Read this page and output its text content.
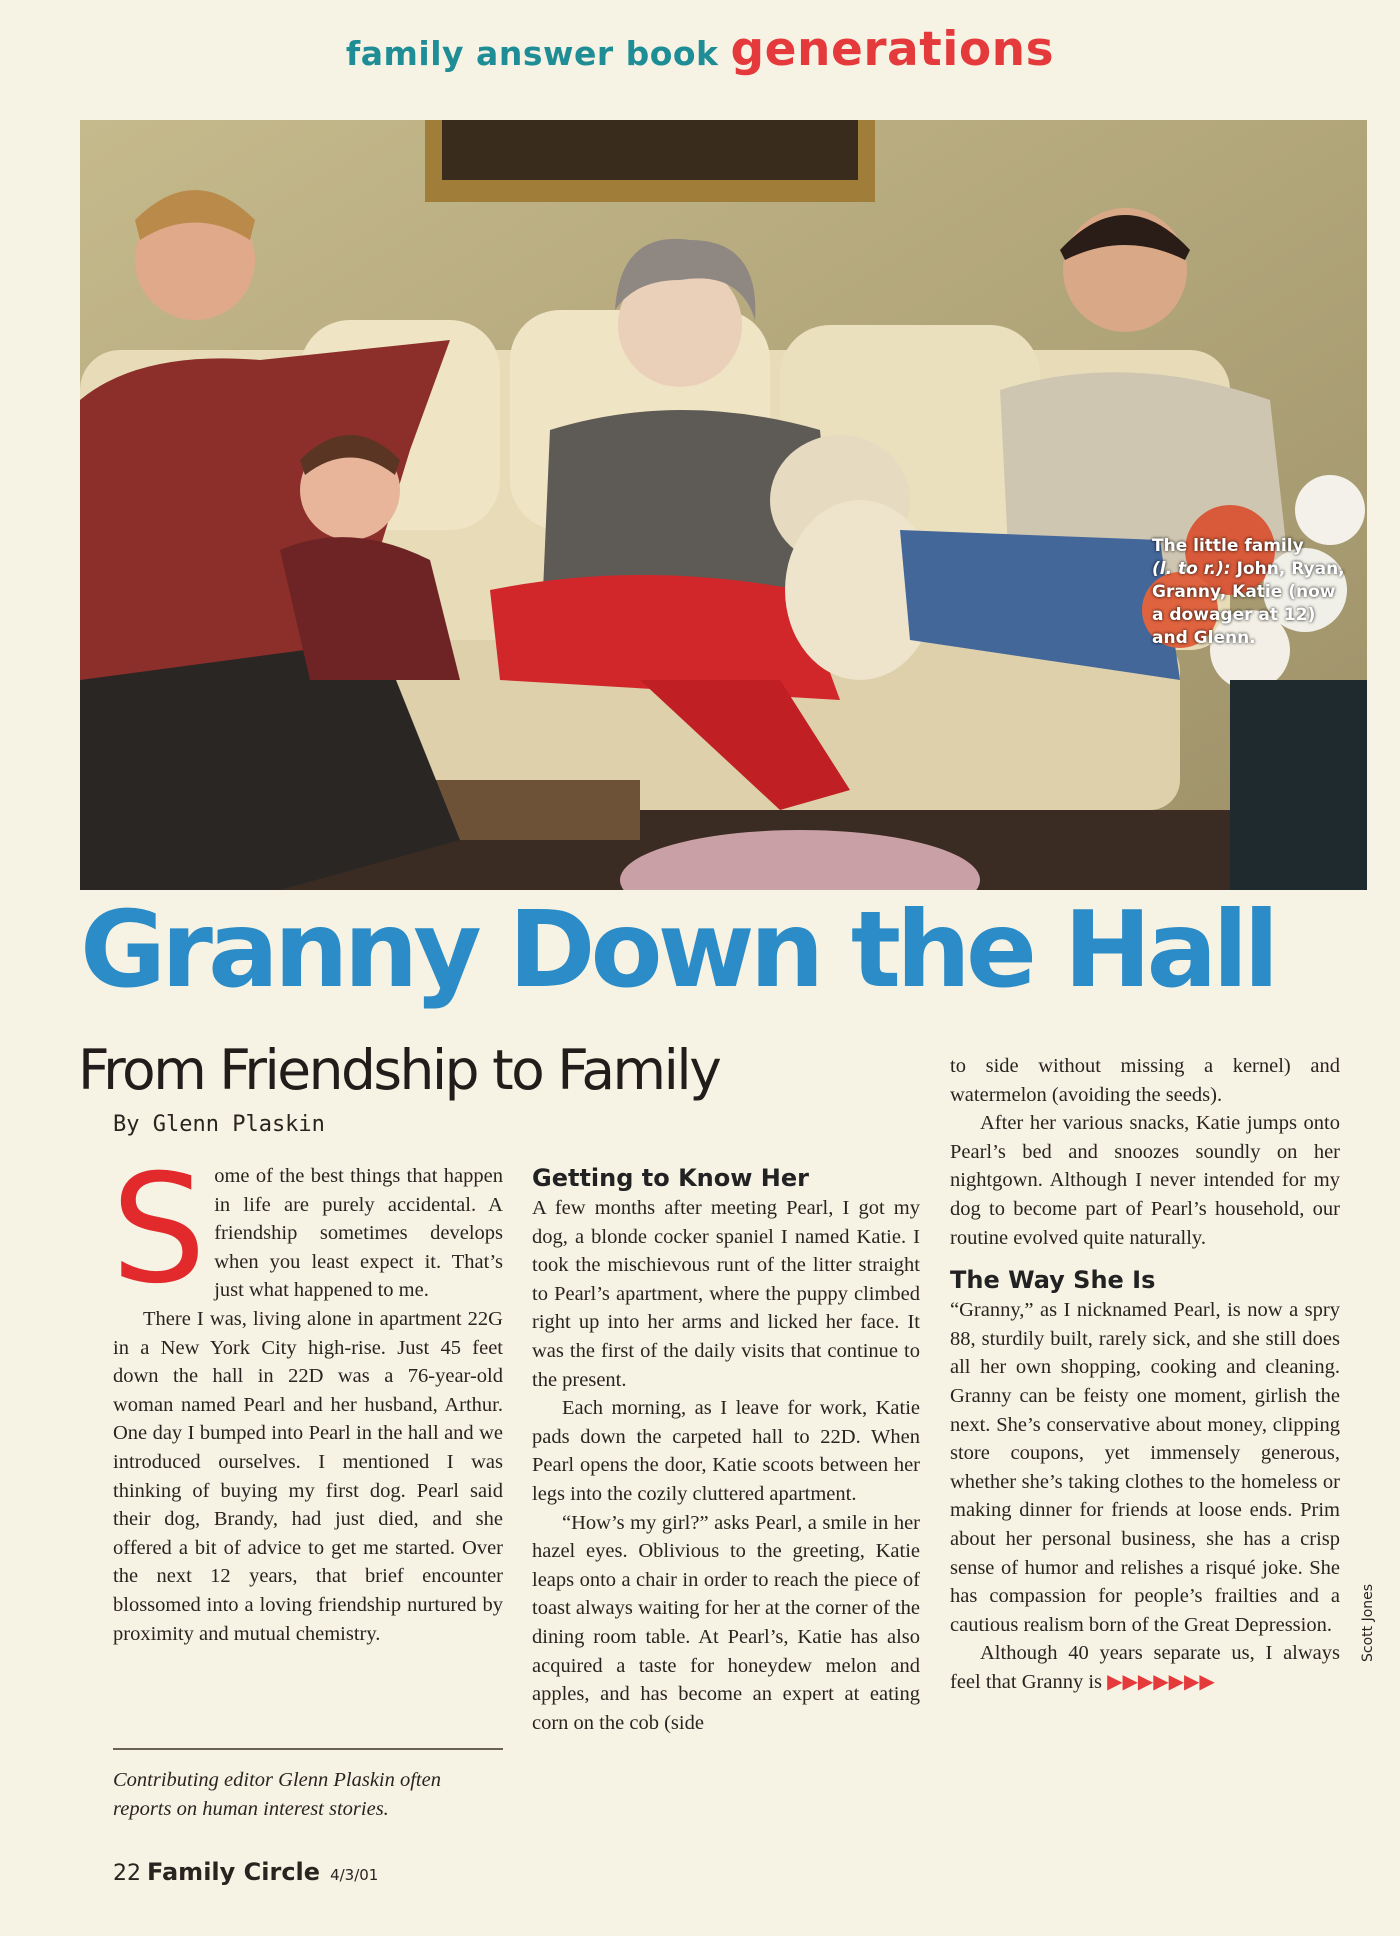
family answer book generations
The little family
(l. to r.): John, Ryan, Granny, Katie (now a dowager at 12) and Glenn.
Granny Down the Hall
From Friendship to Family
By Glenn Plaskin

Some of the best things that happen in life are purely accidental. A friendship sometimes develops when you least expect it. That’s just what happened to me.

There I was, living alone in apartment 22G in a New York City high-rise. Just 45 feet down the hall in 22D was a 76-year-old woman named Pearl and her husband, Arthur. One day I bumped into Pearl in the hall and we introduced ourselves. I mentioned I was thinking of buying my first dog. Pearl said their dog, Brandy, had just died, and she offered a bit of advice to get me started. Over the next 12 years, that brief encounter blossomed into a loving friendship nurtured by proximity and mutual chemistry.

Contributing editor Glenn Plaskin often reports on human interest stories.
Getting to Know Her

A few months after meeting Pearl, I got my dog, a blonde cocker spaniel I named Katie. I took the mischievous runt of the litter straight to Pearl’s apartment, where the puppy climbed right up into her arms and licked her face. It was the first of the daily visits that continue to the present.

Each morning, as I leave for work, Katie pads down the carpeted hall to 22D. When Pearl opens the door, Katie scoots between her legs into the cozily cluttered apartment.

“How’s my girl?” asks Pearl, a smile in her hazel eyes. Oblivious to the greeting, Katie leaps onto a chair in order to reach the piece of toast always waiting for her at the corner of the dining room table. At Pearl’s, Katie has also acquired a taste for honeydew melon and apples, and has become an expert at eating corn on the cob (side

to side without missing a kernel) and watermelon (avoiding the seeds).

After her various snacks, Katie jumps onto Pearl’s bed and snoozes soundly on her nightgown. Although I never intended for my dog to become part of Pearl’s household, our routine evolved quite naturally.

The Way She Is

“Granny,” as I nicknamed Pearl, is now a spry 88, sturdily built, rarely sick, and she still does all her own shopping, cooking and cleaning. Granny can be feisty one moment, girlish the next. She’s conservative about money, clipping store coupons, yet immensely generous, whether she’s taking clothes to the homeless or making dinner for friends at loose ends. Prim about her personal business, she has a crisp sense of humor and relishes a risqué joke. She has compassion for people’s frailties and a cautious realism born of the Great Depression.

Although 40 years separate us, I always feel that Granny is ▶▶▶▶▶▶▶

Scott Jones
22 Family Circle 4/3/01
